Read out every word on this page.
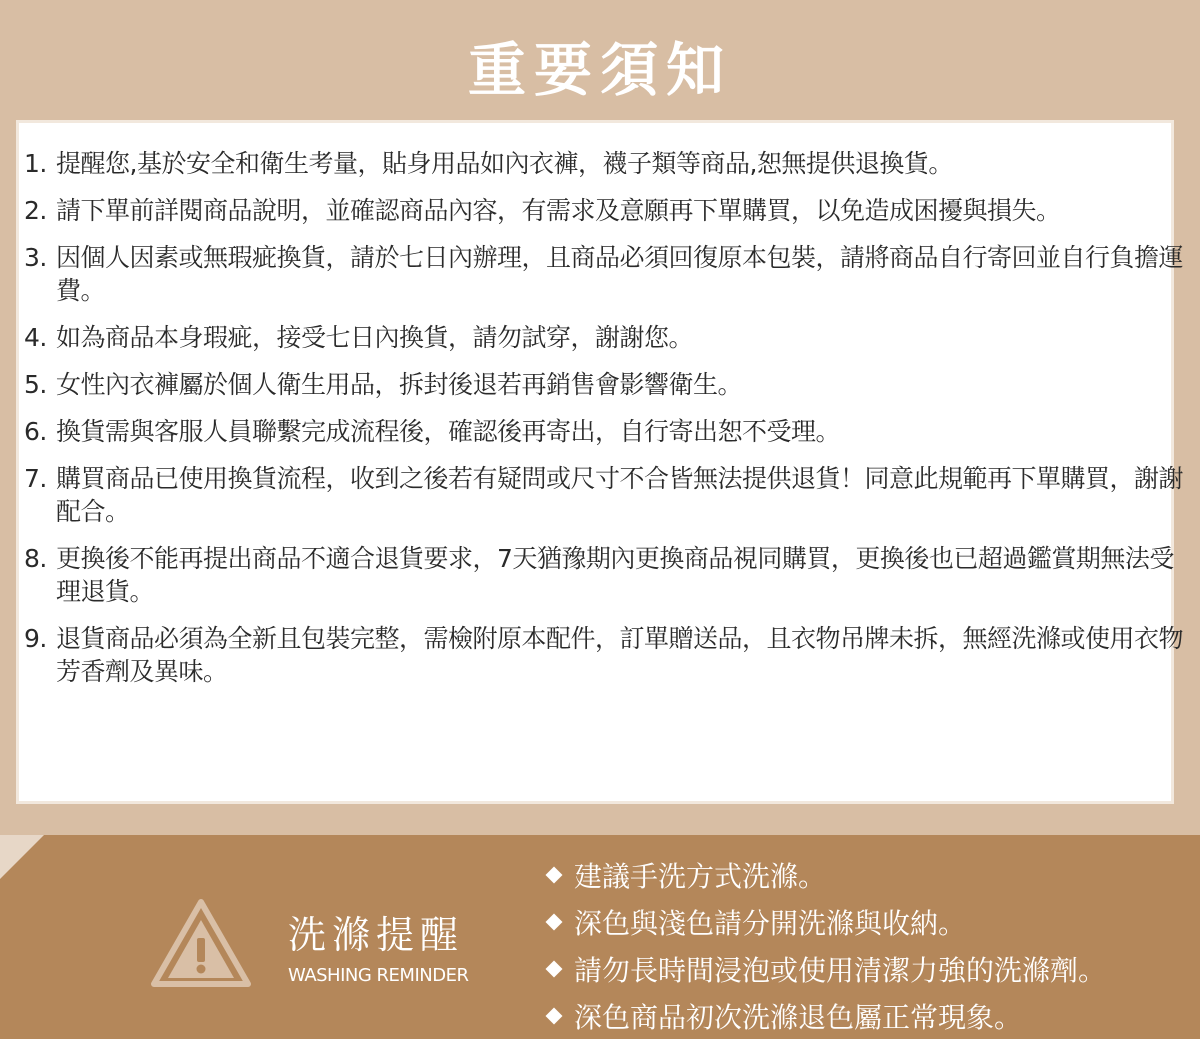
重要須知
1. 提醒您,基於安全和衛生考量，貼身用品如內衣褲，襪子類等商品,恕無提供退換貨。
2. 請下單前詳閱商品說明，並確認商品內容，有需求及意願再下單購買，以免造成困擾與損失。
3. 因個人因素或無瑕疵換貨，請於七日內辦理，且商品必須回復原本包裝，請將商品自行寄回並自行負擔運費。
4. 如為商品本身瑕疵，接受七日內換貨，請勿試穿，謝謝您。
5. 女性內衣褲屬於個人衛生用品，拆封後退若再銷售會影響衛生。
6. 換貨需與客服人員聯繫完成流程後，確認後再寄出，自行寄出恕不受理。
7. 購買商品已使用換貨流程，收到之後若有疑問或尺寸不合皆無法提供退貨！同意此規範再下單購買，謝謝配合。
8. 更換後不能再提出商品不適合退貨要求，7天猶豫期內更換商品視同購買，更換後也已超過鑑賞期無法受理退貨。
9. 退貨商品必須為全新且包裝完整，需檢附原本配件，訂單贈送品，且衣物吊牌未拆，無經洗滌或使用衣物芳香劑及異味。
洗滌提醒
WASHING REMINDER
建議手洗方式洗滌。
深色與淺色請分開洗滌與收納。
請勿長時間浸泡或使用清潔力強的洗滌劑。
深色商品初次洗滌退色屬正常現象。
